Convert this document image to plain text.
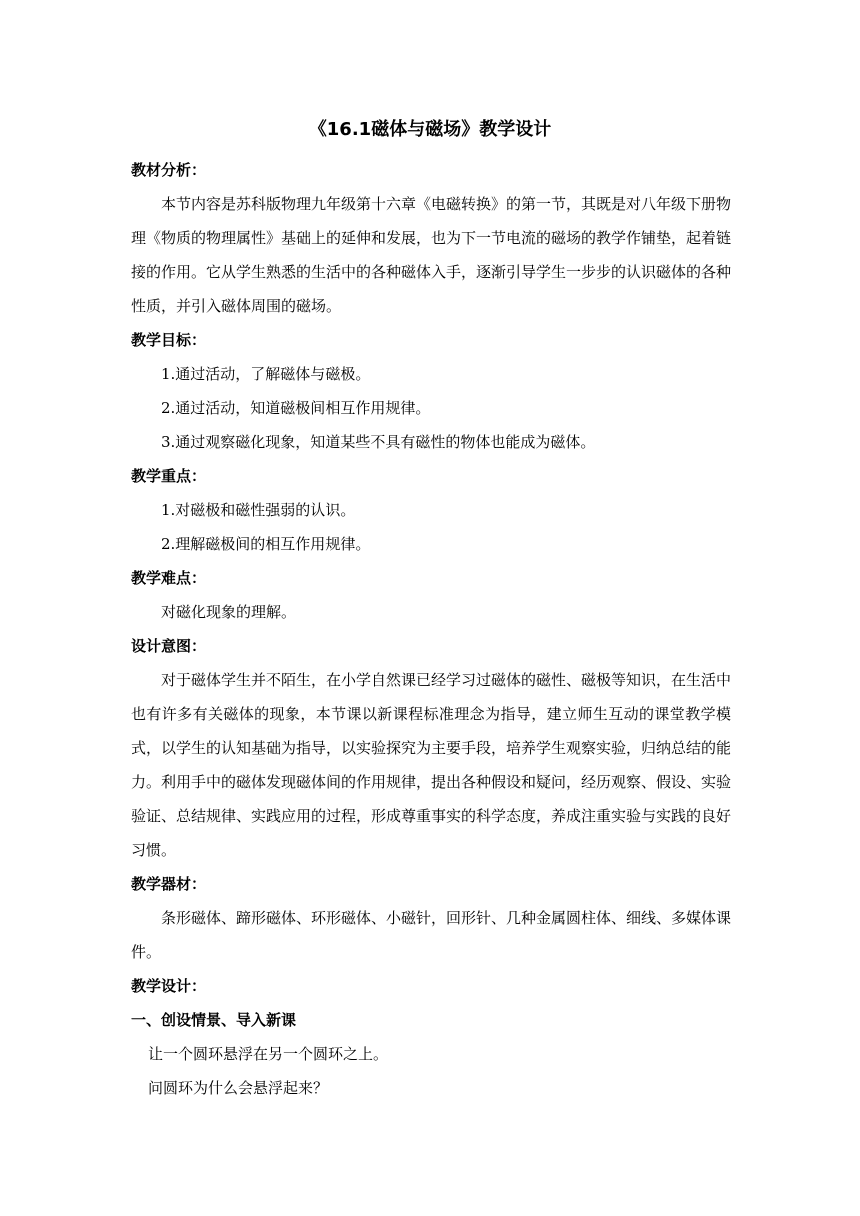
《16.1磁体与磁场》教学设计
教材分析：
本节内容是苏科版物理九年级第十六章《电磁转换》的第一节，其既是对八年级下册物理《物质的物理属性》基础上的延伸和发展，也为下一节电流的磁场的教学作铺垫，起着链接的作用。它从学生熟悉的生活中的各种磁体入手，逐渐引导学生一步步的认识磁体的各种性质，并引入磁体周围的磁场。
教学目标：
1.通过活动，了解磁体与磁极。
2.通过活动，知道磁极间相互作用规律。
3.通过观察磁化现象，知道某些不具有磁性的物体也能成为磁体。
教学重点：
1.对磁极和磁性强弱的认识。
2.理解磁极间的相互作用规律。
教学难点：
对磁化现象的理解。
设计意图：
对于磁体学生并不陌生，在小学自然课已经学习过磁体的磁性、磁极等知识，在生活中也有许多有关磁体的现象，本节课以新课程标准理念为指导，建立师生互动的课堂教学模式，以学生的认知基础为指导，以实验探究为主要手段，培养学生观察实验，归纳总结的能力。利用手中的磁体发现磁体间的作用规律，提出各种假设和疑问，经历观察、假设、实验验证、总结规律、实践应用的过程，形成尊重事实的科学态度，养成注重实验与实践的良好习惯。
教学器材：
条形磁体、蹄形磁体、环形磁体、小磁针，回形针、几种金属圆柱体、细线、多媒体课件。
教学设计：
一、创设情景、导入新课
让一个圆环悬浮在另一个圆环之上。
问圆环为什么会悬浮起来？
